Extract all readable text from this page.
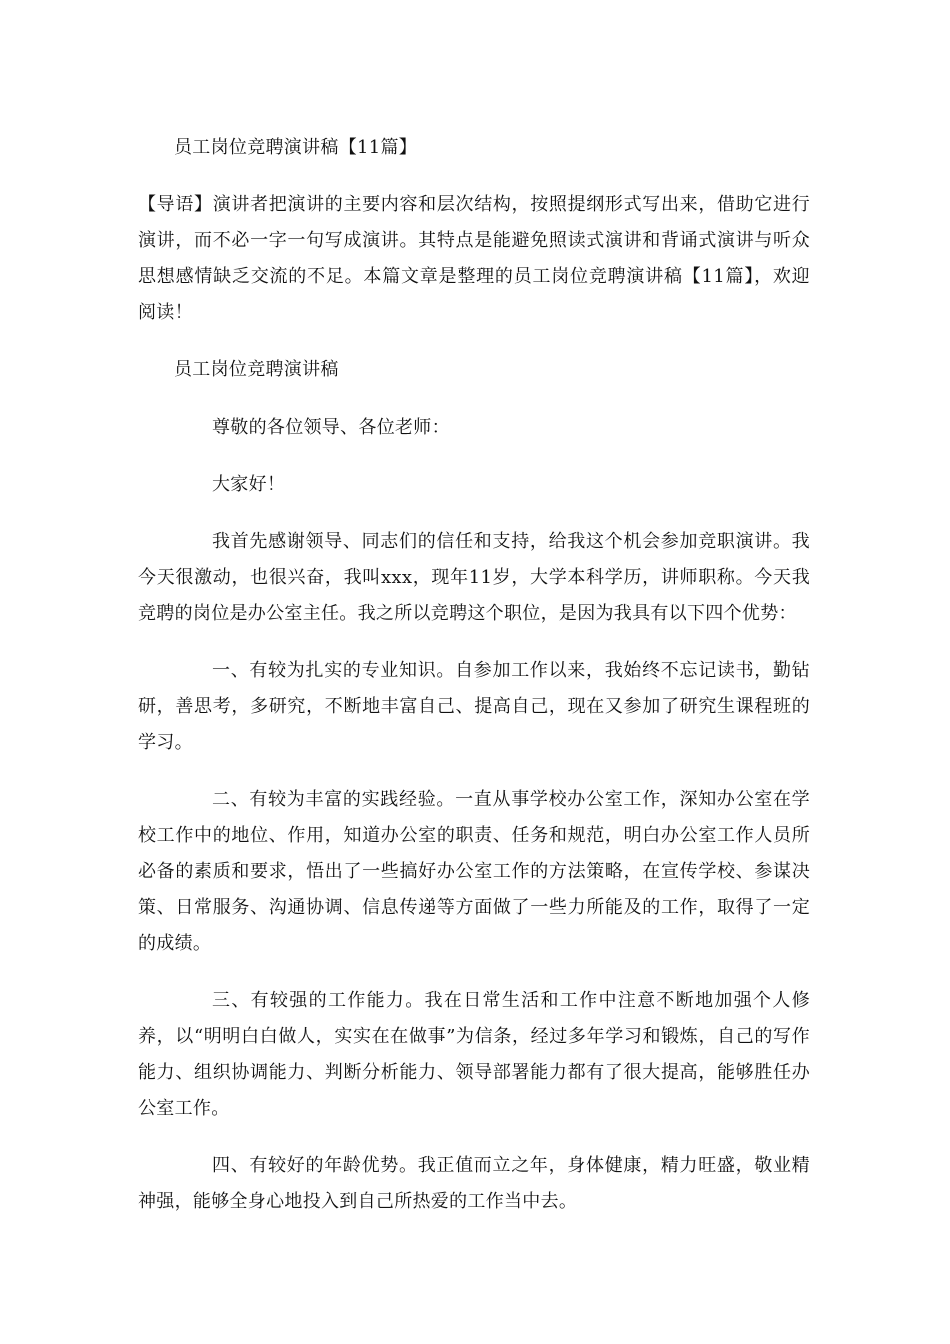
员工岗位竞聘演讲稿【11篇】

【导语】演讲者把演讲的主要内容和层次结构，按照提纲形式写出来，借助它进行演讲，而不必一字一句写成演讲。其特点是能避免照读式演讲和背诵式演讲与听众思想感情缺乏交流的不足。本篇文章是整理的员工岗位竞聘演讲稿【11篇】，欢迎阅读！

员工岗位竞聘演讲稿

尊敬的各位领导、各位老师：

大家好！

我首先感谢领导、同志们的信任和支持，给我这个机会参加竞职演讲。我今天很激动，也很兴奋，我叫xxx，现年11岁，大学本科学历，讲师职称。今天我竞聘的岗位是办公室主任。我之所以竞聘这个职位，是因为我具有以下四个优势：

一、有较为扎实的专业知识。自参加工作以来，我始终不忘记读书，勤钻研，善思考，多研究，不断地丰富自己、提高自己，现在又参加了研究生课程班的学习。

二、有较为丰富的实践经验。一直从事学校办公室工作，深知办公室在学校工作中的地位、作用，知道办公室的职责、任务和规范，明白办公室工作人员所必备的素质和要求，悟出了一些搞好办公室工作的方法策略，在宣传学校、参谋决策、日常服务、沟通协调、信息传递等方面做了一些力所能及的工作，取得了一定的成绩。

三、有较强的工作能力。我在日常生活和工作中注意不断地加强个人修养，以“明明白白做人，实实在在做事”为信条，经过多年学习和锻炼，自己的写作能力、组织协调能力、判断分析能力、领导部署能力都有了很大提高，能够胜任办公室工作。

四、有较好的年龄优势。我正值而立之年，身体健康，精力旺盛，敬业精神强，能够全身心地投入到自己所热爱的工作当中去。
